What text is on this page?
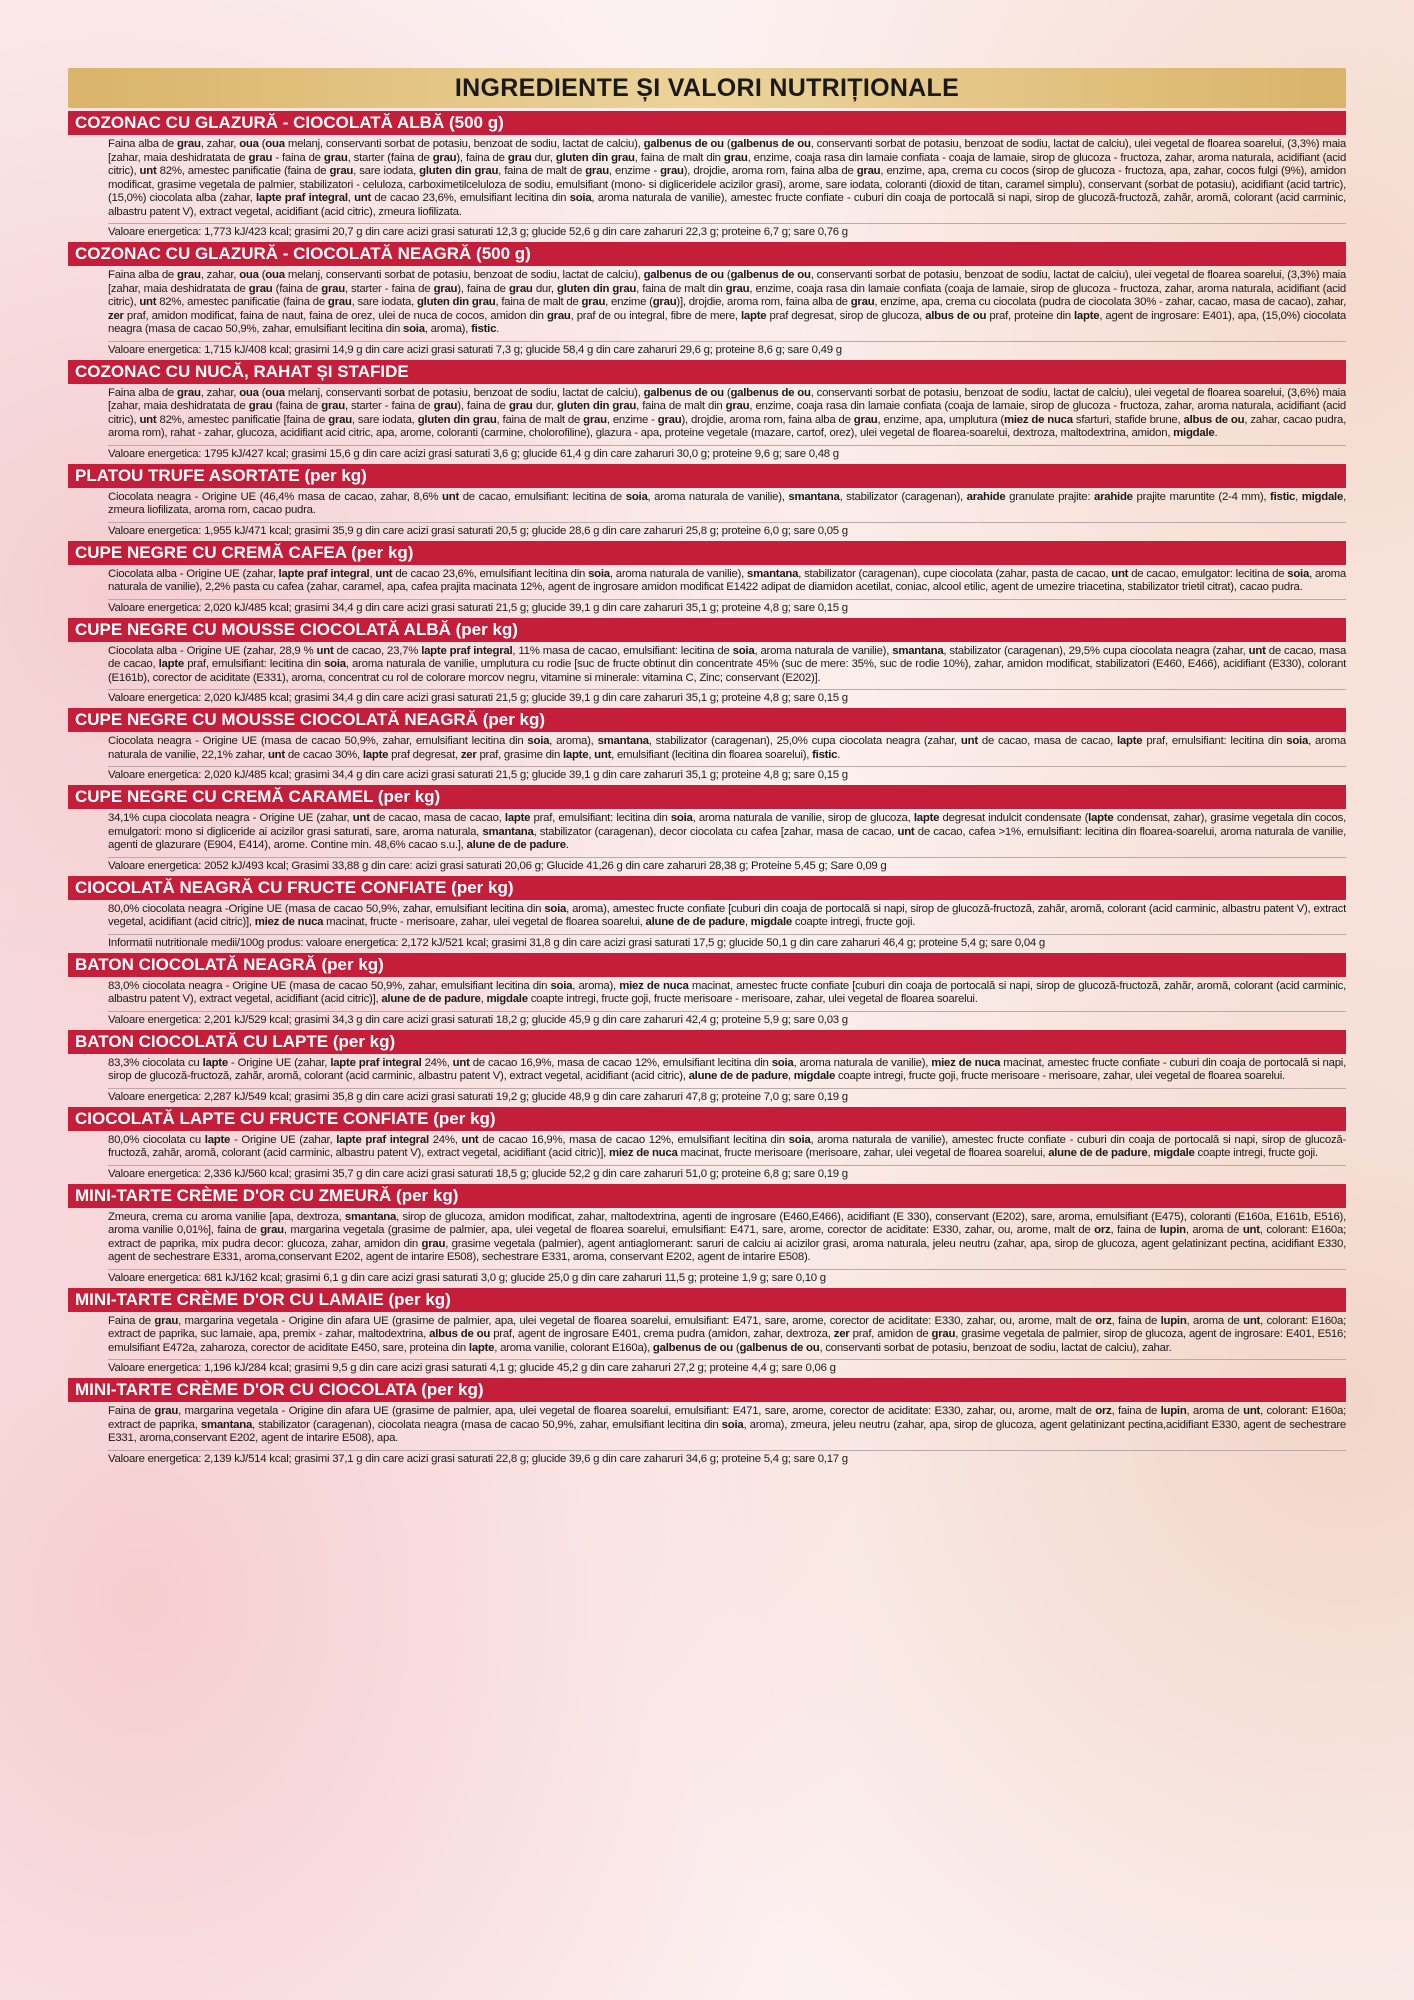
INGREDIENTE ȘI VALORI NUTRIȚIONALE
COZONAC CU GLAZURĂ - CIOCOLATĂ ALBĂ (500 g)
Faina alba de grau, zahar, oua (oua melanj, conservanti sorbat de potasiu, benzoat de sodiu, lactat de calciu), galbenus de ou (galbenus de ou, conservanti sorbat de potasiu, benzoat de sodiu, lactat de calciu), ulei vegetal de floarea soarelui, (3,3%) maia [zahar, maia deshidratata de grau - faina de grau, starter (faina de grau), faina de grau dur, gluten din grau, faina de malt din grau, enzime, coaja rasa din lamaie confiata - coaja de lamaie, sirop de glucoza - fructoza, zahar, aroma naturala, acidifiant (acid citric), unt 82%, amestec panificatie (faina de grau, sare iodata, gluten din grau, faina de malt de grau, enzime - grau), drojdie, aroma rom, faina alba de grau, enzime, apa, crema cu cocos (sirop de glucoza - fructoza, apa, zahar, cocos fulgi (9%), amidon modificat, grasime vegetala de palmier, stabilizatori - celuloza, carboximetilceluloza de sodiu, emulsifiant (mono- si digliceridele acizilor grasi), arome, sare iodata, coloranti (dioxid de titan, caramel simplu), conservant (sorbat de potasiu), acidifiant (acid tartric), (15,0%) ciocolata alba (zahar, lapte praf integral, unt de cacao 23,6%, emulsifiant lecitina din soia, aroma naturala de vanilie), amestec fructe confiate - cuburi din coaja de portocală si napi, sirop de glucoză-fructoză, zahăr, aromă, colorant (acid carminic, albastru patent V), extract vegetal, acidifiant (acid citric), zmeura liofilizata.
Valoare energetica: 1,773 kJ/423 kcal; grasimi 20,7 g din care acizi grasi saturati 12,3 g; glucide 52,6 g din care zaharuri 22,3 g; proteine 6,7 g; sare 0,76 g
COZONAC CU GLAZURĂ - CIOCOLATĂ NEAGRĂ (500 g)
Faina alba de grau, zahar, oua (oua melanj, conservanti sorbat de potasiu, benzoat de sodiu, lactat de calciu), galbenus de ou (galbenus de ou, conservanti sorbat de potasiu, benzoat de sodiu, lactat de calciu), ulei vegetal de floarea soarelui, (3,3%) maia [zahar, maia deshidratata de grau (faina de grau, starter - faina de grau), faina de grau dur, gluten din grau, faina de malt din grau, enzime, coaja rasa din lamaie confiata (coaja de lamaie, sirop de glucoza - fructoza, zahar, aroma naturala, acidifiant (acid citric), unt 82%, amestec panificatie (faina de grau, sare iodata, gluten din grau, faina de malt de grau, enzime (grau)], drojdie, aroma rom, faina alba de grau, enzime, apa, crema cu ciocolata (pudra de ciocolata 30% - zahar, cacao, masa de cacao), zahar, zer praf, amidon modificat, faina de naut, faina de orez, ulei de nuca de cocos, amidon din grau, praf de ou integral, fibre de mere, lapte praf degresat, sirop de glucoza, albus de ou praf, proteine din lapte, agent de ingrosare: E401), apa, (15,0%) ciocolata neagra (masa de cacao 50,9%, zahar, emulsifiant lecitina din soia, aroma), fistic.
Valoare energetica: 1,715 kJ/408 kcal; grasimi 14,9 g din care acizi grasi saturati 7,3 g; glucide 58,4 g din care zaharuri 29,6 g; proteine 8,6 g; sare 0,49 g
COZONAC CU NUCĂ, RAHAT ȘI STAFIDE
Faina alba de grau, zahar, oua (oua melanj, conservanti sorbat de potasiu, benzoat de sodiu, lactat de calciu), galbenus de ou (galbenus de ou, conservanti sorbat de potasiu, benzoat de sodiu, lactat de calciu), ulei vegetal de floarea soarelui, (3,6%) maia [zahar, maia deshidratata de grau (faina de grau, starter - faina de grau), faina de grau dur, gluten din grau, faina de malt din grau, enzime, coaja rasa din lamaie confiata (coaja de lamaie, sirop de glucoza - fructoza, zahar, aroma naturala, acidifiant (acid citric), unt 82%, amestec panificatie [faina de grau, sare iodata, gluten din grau, faina de malt de grau, enzime - grau), drojdie, aroma rom, faina alba de grau, enzime, apa, umplutura (miez de nuca sfarturi, stafide brune, albus de ou, zahar, cacao pudra, aroma rom), rahat - zahar, glucoza, acidifiant acid citric, apa, arome, coloranti (carmine, cholorofiline), glazura - apa, proteine vegetale (mazare, cartof, orez), ulei vegetal de floarea-soarelui, dextroza, maltodextrina, amidon, migdale.
Valoare energetica: 1795 kJ/427 kcal; grasimi 15,6 g din care acizi grasi saturati 3,6 g; glucide 61,4 g din care zaharuri 30,0 g; proteine 9,6 g; sare 0,48 g
PLATOU TRUFE ASORTATE (per kg)
Ciocolata neagra - Origine UE (46,4% masa de cacao, zahar, 8,6% unt de cacao, emulsifiant: lecitina de soia, aroma naturala de vanilie), smantana, stabilizator (caragenan), arahide granulate prajite: arahide prajite maruntite (2-4 mm), fistic, migdale, zmeura liofilizata, aroma rom, cacao pudra.
Valoare energetica: 1,955 kJ/471 kcal; grasimi 35,9 g din care acizi grasi saturati 20,5 g; glucide 28,6 g din care zaharuri 25,8 g; proteine 6,0 g; sare 0,05 g
CUPE NEGRE CU CREMĂ CAFEA (per kg)
Ciocolata alba - Origine UE (zahar, lapte praf integral, unt de cacao 23,6%, emulsifiant lecitina din soia, aroma naturala de vanilie), smantana, stabilizator (caragenan), cupe ciocolata (zahar, pasta de cacao, unt de cacao, emulgator: lecitina de soia, aroma naturala de vanilie), 2,2% pasta cu cafea (zahar, caramel, apa, cafea prajita macinata 12%, agent de ingrosare amidon modificat E1422 adipat de diamidon acetilat, coniac, alcool etilic, agent de umezire triacetina, stabilizator trietil citrat), cacao pudra.
Valoare energetica: 2,020 kJ/485 kcal; grasimi 34,4 g din care acizi grasi saturati 21,5 g; glucide 39,1 g din care zaharuri 35,1 g; proteine 4,8 g; sare 0,15 g
CUPE NEGRE CU MOUSSE CIOCOLATĂ ALBĂ (per kg)
Ciocolata alba - Origine UE (zahar, 28,9 % unt de cacao, 23,7% lapte praf integral, 11% masa de cacao, emulsifiant: lecitina de soia, aroma naturala de vanilie), smantana, stabilizator (caragenan), 29,5% cupa ciocolata neagra (zahar, unt de cacao, masa de cacao, lapte praf, emulsifiant: lecitina din soia, aroma naturala de vanilie, umplutura cu rodie [suc de fructe obtinut din concentrate 45% (suc de mere: 35%, suc de rodie 10%), zahar, amidon modificat, stabilizatori (E460, E466), acidifiant (E330), colorant (E161b), corector de aciditate (E331), aroma, concentrat cu rol de colorare morcov negru, vitamine si minerale: vitamina C, Zinc; conservant (E202)].
Valoare energetica: 2,020 kJ/485 kcal; grasimi 34,4 g din care acizi grasi saturati 21,5 g; glucide 39,1 g din care zaharuri 35,1 g; proteine 4,8 g; sare 0,15 g
CUPE NEGRE CU MOUSSE CIOCOLATĂ NEAGRĂ (per kg)
Ciocolata neagra - Origine UE (masa de cacao 50,9%, zahar, emulsifiant lecitina din soia, aroma), smantana, stabilizator (caragenan), 25,0% cupa ciocolata neagra (zahar, unt de cacao, masa de cacao, lapte praf, emulsifiant: lecitina din soia, aroma naturala de vanilie, 22,1% zahar, unt de cacao 30%, lapte praf degresat, zer praf, grasime din lapte, unt, emulsifiant (lecitina din floarea soarelui), fistic.
Valoare energetica: 2,020 kJ/485 kcal; grasimi 34,4 g din care acizi grasi saturati 21,5 g; glucide 39,1 g din care zaharuri 35,1 g; proteine 4,8 g; sare 0,15 g
CUPE NEGRE CU CREMĂ CARAMEL (per kg)
34,1% cupa ciocolata neagra - Origine UE (zahar, unt de cacao, masa de cacao, lapte praf, emulsifiant: lecitina din soia, aroma naturala de vanilie, sirop de glucoza, lapte degresat indulcit condensate (lapte condensat, zahar), grasime vegetala din cocos, emulgatori: mono si digliceride ai acizilor grasi saturati, sare, aroma naturala, smantana, stabilizator (caragenan), decor ciocolata cu cafea [zahar, masa de cacao, unt de cacao, cafea >1%, emulsifiant: lecitina din floarea-soarelui, aroma naturala de vanilie, agenti de glazurare (E904, E414), arome. Contine min. 48,6% cacao s.u.], alune de de padure.
Valoare energetica: 2052 kJ/493 kcal; Grasimi 33,88 g din care: acizi grasi saturati 20,06 g; Glucide 41,26 g din care zaharuri 28,38 g; Proteine 5,45 g; Sare 0,09 g
CIOCOLATĂ NEAGRĂ CU FRUCTE CONFIATE (per kg)
80,0% ciocolata neagra -Origine UE (masa de cacao 50,9%, zahar, emulsifiant lecitina din soia, aroma), amestec fructe confiate [cuburi din coaja de portocală si napi, sirop de glucoză-fructoză, zahăr, aromă, colorant (acid carminic, albastru patent V), extract vegetal, acidifiant (acid citric)], miez de nuca macinat, fructe - merisoare, zahar, ulei vegetal de floarea soarelui, alune de de padure, migdale coapte intregi, fructe goji.
Informatii nutritionale medii/100g produs: valoare energetica: 2,172 kJ/521 kcal; grasimi 31,8 g din care acizi grasi saturati 17,5 g; glucide 50,1 g din care zaharuri 46,4 g; proteine 5,4 g; sare 0,04 g
BATON CIOCOLATĂ NEAGRĂ (per kg)
83,0% ciocolata neagra - Origine UE (masa de cacao 50,9%, zahar, emulsifiant lecitina din soia, aroma), miez de nuca macinat, amestec fructe confiate [cuburi din coaja de portocală si napi, sirop de glucoză-fructoză, zahăr, aromă, colorant (acid carminic, albastru patent V), extract vegetal, acidifiant (acid citric)], alune de de padure, migdale coapte intregi, fructe goji, fructe merisoare - merisoare, zahar, ulei vegetal de floarea soarelui.
Valoare energetica: 2,201 kJ/529 kcal; grasimi 34,3 g din care acizi grasi saturati 18,2 g; glucide 45,9 g din care zaharuri 42,4 g; proteine 5,9 g; sare 0,03 g
BATON CIOCOLATĂ CU LAPTE (per kg)
83,3% ciocolata cu lapte - Origine UE (zahar, lapte praf integral 24%, unt de cacao 16,9%, masa de cacao 12%, emulsifiant lecitina din soia, aroma naturala de vanilie), miez de nuca macinat, amestec fructe confiate - cuburi din coaja de portocală si napi, sirop de glucoză-fructoză, zahăr, aromă, colorant (acid carminic, albastru patent V), extract vegetal, acidifiant (acid citric), alune de de padure, migdale coapte intregi, fructe goji, fructe merisoare - merisoare, zahar, ulei vegetal de floarea soarelui.
Valoare energetica: 2,287 kJ/549 kcal; grasimi 35,8 g din care acizi grasi saturati 19,2 g; glucide 48,9 g din care zaharuri 47,8 g; proteine 7,0 g; sare 0,19 g
CIOCOLATĂ LAPTE CU FRUCTE CONFIATE (per kg)
80,0% ciocolata cu lapte - Origine UE (zahar, lapte praf integral 24%, unt de cacao 16,9%, masa de cacao 12%, emulsifiant lecitina din soia, aroma naturala de vanilie), amestec fructe confiate - cuburi din coaja de portocală si napi, sirop de glucoză-fructoză, zahăr, aromă, colorant (acid carminic, albastru patent V), extract vegetal, acidifiant (acid citric)], miez de nuca macinat, fructe merisoare (merisoare, zahar, ulei vegetal de floarea soarelui, alune de de padure, migdale coapte intregi, fructe goji.
Valoare energetica: 2,336 kJ/560 kcal; grasimi 35,7 g din care acizi grasi saturati 18,5 g; glucide 52,2 g din care zaharuri 51,0 g; proteine 6,8 g; sare 0,19 g
MINI-TARTE CRÈME D'OR CU ZMEURĂ (per kg)
Zmeura, crema cu aroma vanilie [apa, dextroza, smantana, sirop de glucoza, amidon modificat, zahar, maltodextrina, agenti de ingrosare (E460,E466), acidifiant (E 330), conservant (E202), sare, aroma, emulsifiant (E475), coloranti (E160a, E161b, E516), aroma vanilie 0,01%], faina de grau, margarina vegetala (grasime de palmier, apa, ulei vegetal de floarea soarelui, emulsifiant: E471, sare, arome, corector de aciditate: E330, zahar, ou, arome, malt de orz, faina de lupin, aroma de unt, colorant: E160a; extract de paprika, mix pudra decor: glucoza, zahar, amidon din grau, grasime vegetala (palmier), agent antiaglomerant: saruri de calciu ai acizilor grasi, aroma naturala, jeleu neutru (zahar, apa, sirop de glucoza, agent gelatinizant pectina, acidifiant E330, agent de sechestrare E331, aroma,conservant E202, agent de intarire E508), sechestrare E331, aroma, conservant E202, agent de intarire E508).
Valoare energetica: 681 kJ/162 kcal; grasimi 6,1 g din care acizi grasi saturati 3,0 g; glucide 25,0 g din care zaharuri 11,5 g; proteine 1,9 g; sare 0,10 g
MINI-TARTE CRÈME D'OR CU LAMAIE (per kg)
Faina de grau, margarina vegetala - Origine din afara UE (grasime de palmier, apa, ulei vegetal de floarea soarelui, emulsifiant: E471, sare, arome, corector de aciditate: E330, zahar, ou, arome, malt de orz, faina de lupin, aroma de unt, colorant: E160a; extract de paprika, suc lamaie, apa, premix - zahar, maltodextrina, albus de ou praf, agent de ingrosare E401, crema pudra (amidon, zahar, dextroza, zer praf, amidon de grau, grasime vegetala de palmier, sirop de glucoza, agent de ingrosare: E401, E516; emulsifiant E472a, zaharoza, corector de aciditate E450, sare, proteina din lapte, aroma vanilie, colorant E160a), galbenus de ou (galbenus de ou, conservanti sorbat de potasiu, benzoat de sodiu, lactat de calciu), zahar.
Valoare energetica: 1,196 kJ/284 kcal; grasimi 9,5 g din care acizi grasi saturati 4,1 g; glucide 45,2 g din care zaharuri 27,2 g; proteine 4,4 g; sare 0,06 g
MINI-TARTE CRÈME D'OR CU CIOCOLATA (per kg)
Faina de grau, margarina vegetala - Origine din afara UE (grasime de palmier, apa, ulei vegetal de floarea soarelui, emulsifiant: E471, sare, arome, corector de aciditate: E330, zahar, ou, arome, malt de orz, faina de lupin, aroma de unt, colorant: E160a; extract de paprika, smantana, stabilizator (caragenan), ciocolata neagra (masa de cacao 50,9%, zahar, emulsifiant lecitina din soia, aroma), zmeura, jeleu neutru (zahar, apa, sirop de glucoza, agent gelatinizant pectina,acidifiant E330, agent de sechestrare E331, aroma,conservant E202, agent de intarire E508), apa.
Valoare energetica: 2,139 kJ/514 kcal; grasimi 37,1 g din care acizi grasi saturati 22,8 g; glucide 39,6 g din care zaharuri 34,6 g; proteine 5,4 g; sare 0,17 g
